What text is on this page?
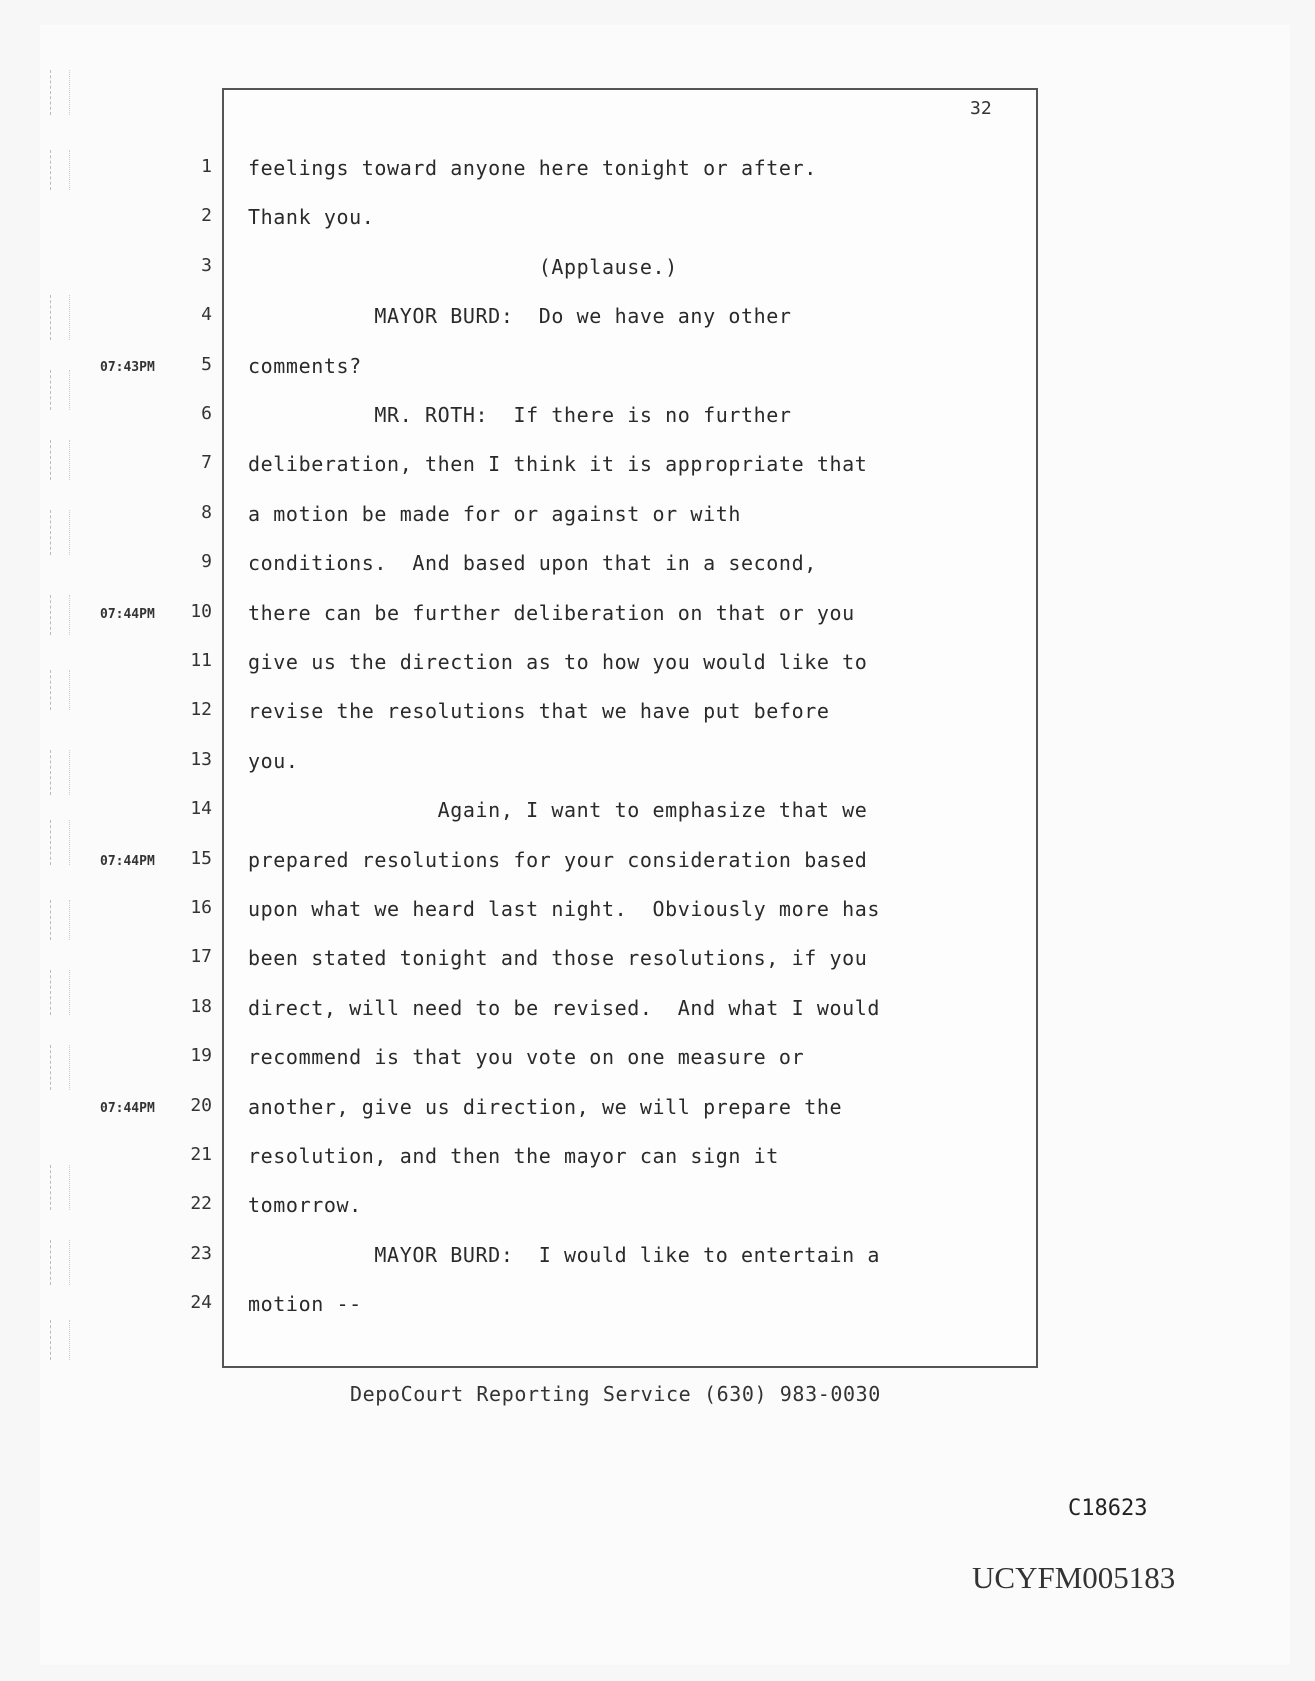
32
1 feelings toward anyone here tonight or after.
2 Thank you.
3 (Applause.)
4 MAYOR BURD:  Do we have any other
07:43PM	5 comments?
6 MR. ROTH:  If there is no further
7 deliberation, then I think it is appropriate that
8 a motion be made for or against or with
9 conditions.  And based upon that in a second,
07:44PM	10 there can be further deliberation on that or you
11 give us the direction as to how you would like to
12 revise the resolutions that we have put before
13 you.
14 Again, I want to emphasize that we
07:44PM	15 prepared resolutions for your consideration based
16 upon what we heard last night.  Obviously more has
17 been stated tonight and those resolutions, if you
18 direct, will need to be revised.  And what I would
19 recommend is that you vote on one measure or
07:44PM	20 another, give us direction, we will prepare the
21 resolution, and then the mayor can sign it
22 tomorrow.
23 MAYOR BURD:  I would like to entertain a
24 motion --
DepoCourt Reporting Service (630) 983-0030
C18623
UCYFM005183
